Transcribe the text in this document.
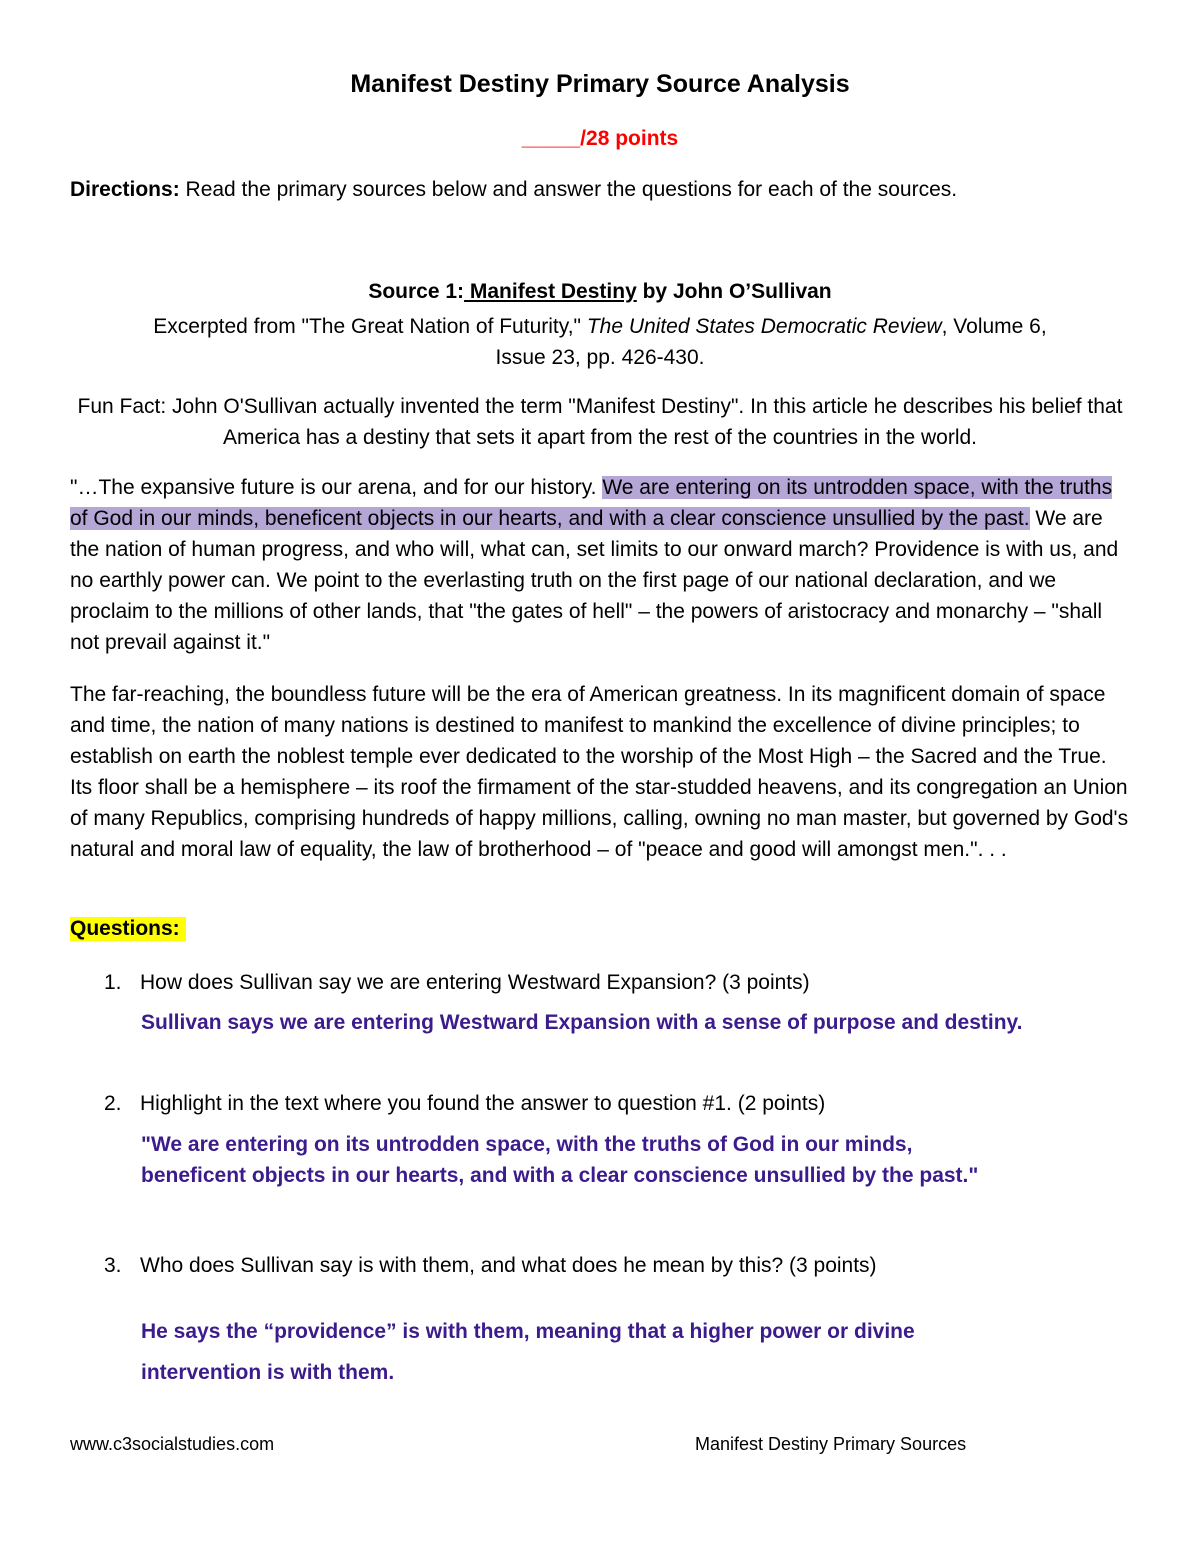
Manifest Destiny Primary Source Analysis
_____/28 points
Directions: Read the primary sources below and answer the questions for each of the sources.
Source 1: Manifest Destiny by John O’Sullivan
Excerpted from "The Great Nation of Futurity," The United States Democratic Review, Volume 6,
Issue 23, pp. 426-430.
Fun Fact: John O'Sullivan actually invented the term "Manifest Destiny". In this article he describes his belief that America has a destiny that sets it apart from the rest of the countries in the world.
"…The expansive future is our arena, and for our history. We are entering on its untrodden space, with the truths of God in our minds, beneficent objects in our hearts, and with a clear conscience unsullied by the past. We are the nation of human progress, and who will, what can, set limits to our onward march? Providence is with us, and no earthly power can. We point to the everlasting truth on the first page of our national declaration, and we proclaim to the millions of other lands, that "the gates of hell" – the powers of aristocracy and monarchy – "shall not prevail against it."
The far-reaching, the boundless future will be the era of American greatness. In its magnificent domain of space and time, the nation of many nations is destined to manifest to mankind the excellence of divine principles; to establish on earth the noblest temple ever dedicated to the worship of the Most High – the Sacred and the True. Its floor shall be a hemisphere – its roof the firmament of the star-studded heavens, and its congregation an Union of many Republics, comprising hundreds of happy millions, calling, owning no man master, but governed by God's natural and moral law of equality, the law of brotherhood – of "peace and good will amongst men.". . .
Questions:
1. How does Sullivan say we are entering Westward Expansion? (3 points)
Sullivan says we are entering Westward Expansion with a sense of purpose and destiny.
2. Highlight in the text where you found the answer to question #1. (2 points)
"We are entering on its untrodden space, with the truths of God in our minds,
beneficent objects in our hearts, and with a clear conscience unsullied by the past."
3. Who does Sullivan say is with them, and what does he mean by this? (3 points)
He says the “providence” is with them, meaning that a higher power or divine
intervention is with them.
www.c3socialstudies.com	Manifest Destiny Primary Sources
